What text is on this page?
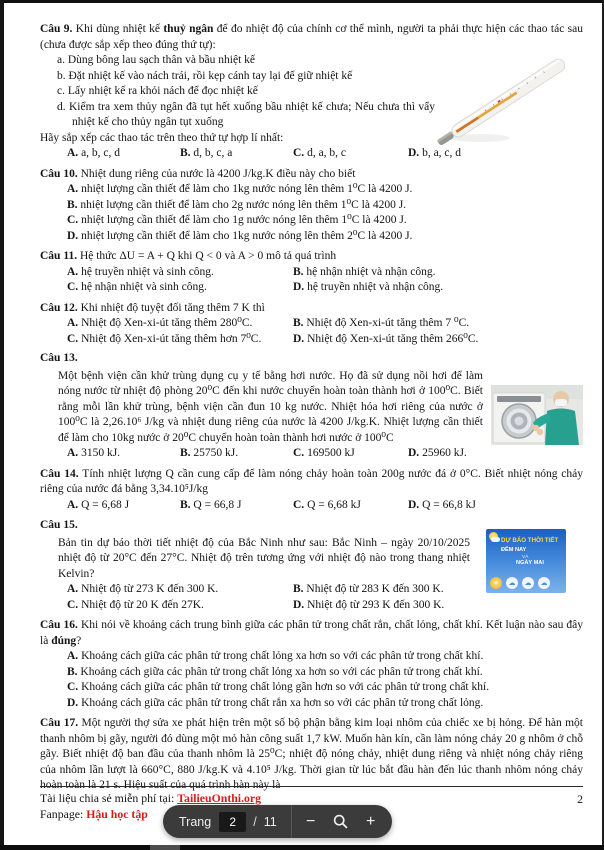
Câu 9. Khi dùng nhiệt kế thuỷ ngân để đo nhiệt độ của chính cơ thể mình, người ta phải thực hiện các thao tác sau (chưa được sắp xếp theo đúng thứ tự):
a. Dùng bông lau sạch thân và bầu nhiệt kế
b. Đặt nhiệt kế vào nách trái, rồi kẹp cánh tay lại để giữ nhiệt kế
c. Lấy nhiệt kế ra khỏi nách để đọc nhiệt kế
d. Kiểm tra xem thủy ngân đã tụt hết xuống bầu nhiệt kế chưa; Nếu chưa thì vẩy nhiệt kế cho thủy ngân tụt xuống
Hãy sắp xếp các thao tác trên theo thứ tự hợp lí nhất:
A. a, b, c, d	B. d, b, c, a	C. d, a, b, c	D. b, a, c, d
Câu 10. Nhiệt dung riêng của nước là 4200 J/kg.K điều này cho biết
A. nhiệt lượng cần thiết để làm cho 1kg nước nóng lên thêm 1⁰C là 4200 J.
B. nhiệt lượng cần thiết để làm cho 2g nước nóng lên thêm 1⁰C là 4200 J.
C. nhiệt lượng cần thiết để làm cho 1g nước nóng lên thêm 1⁰C là 4200 J.
D. nhiệt lượng cần thiết để làm cho 1kg nước nóng lên thêm 2⁰C là 4200 J.
Câu 11. Hệ thức ΔU = A + Q khi Q < 0 và A > 0 mô tả quá trình
A. hệ truyền nhiệt và sinh công.	B. hệ nhận nhiệt và nhận công.
C. hệ nhận nhiệt và sinh công.	D. hệ truyền nhiệt và nhận công.
Câu 12. Khi nhiệt độ tuyệt đối tăng thêm 7 K thì
A. Nhiệt độ Xen-xi-út tăng thêm 280⁰C.	B. Nhiệt độ Xen-xi-út tăng thêm 7 ⁰C.
C. Nhiệt độ Xen-xi-út tăng thêm hơn 7⁰C.	D. Nhiệt độ Xen-xi-út tăng thêm 266⁰C.
Câu 13.
Một bệnh viện cần khử trùng dụng cụ y tế bằng hơi nước. Họ đã sử dụng nồi hơi để làm nóng nước từ nhiệt độ phòng 20⁰C đến khi nước chuyển hoàn toàn thành hơi ở 100⁰C. Biết rằng mỗi lần khử trùng, bệnh viện cần đun 10 kg nước. Nhiệt hóa hơi riêng của nước ở 100⁰C là 2,26.10⁶ J/kg và nhiệt dung riêng của nước là 4200 J/kg.K. Nhiệt lượng cần thiết để làm cho 10kg nước ở 20⁰C chuyển hoàn toàn thành hơi nước ở 100⁰C
A. 3150 kJ.	B. 25750 kJ.	C. 169500 kJ	D. 25960 kJ.
Câu 14. Tính nhiệt lượng Q cần cung cấp để làm nóng chảy hoàn toàn 200g nước đá ở 0°C. Biết nhiệt nóng chảy riêng của nước đá bằng 3,34.10⁵J/kg
A. Q = 6,68 J	B. Q = 66,8 J	C. Q = 6,68 kJ	D. Q = 66,8 kJ
Câu 15.
DỰ BÁO THỜI TIẾT
ĐÊM NAY
VÀ
NGÀY MAI
☀	☁	☁	☁
Bản tin dự báo thời tiết nhiệt độ của Bắc Ninh như sau: Bắc Ninh – ngày 20/10/2025 nhiệt độ từ 20°C đến 27°C. Nhiệt độ trên tương ứng với nhiệt độ nào trong thang nhiệt Kelvin?
A. Nhiệt độ từ 273 K đến 300 K.	B. Nhiệt độ từ 283 K đến 300 K.
C. Nhiệt độ từ 20 K đến 27K.	D. Nhiệt độ từ 293 K đến 300 K.
Câu 16. Khi nói về khoảng cách trung bình giữa các phân tử trong chất rắn, chất lỏng, chất khí. Kết luận nào sau đây là đúng?
A. Khoảng cách giữa các phân tử trong chất lỏng xa hơn so với các phân tử trong chất khí.
B. Khoảng cách giữa các phân tử trong chất lỏng xa hơn so với các phân tử trong chất khí.
C. Khoảng cách giữa các phân tử trong chất lỏng gần hơn so với các phân tử trong chất khí.
D. Khoảng cách giữa các phân tử trong chất rắn xa hơn so với các phân tử trong chất lỏng.
Câu 17. Một người thợ sửa xe phát hiện trên một số bộ phận bằng kim loại nhôm của chiếc xe bị hỏng. Để hàn một thanh nhôm bị gãy, người đó dùng một mỏ hàn công suất 1,7 kW. Muốn hàn kín, cần làm nóng chảy 20 g nhôm ở chỗ gãy. Biết nhiệt độ ban đầu của thanh nhôm là 25⁰C; nhiệt độ nóng chảy, nhiệt dung riêng và nhiệt nóng chảy riêng của nhôm lần lượt là 660°C, 880 J/kg.K và 4.10⁵ J/kg. Thời gian từ lúc bắt đầu hàn đến lúc thanh nhôm nóng chảy hoàn toàn là 21 s. Hiệu suất của quá trình hàn này là
Tài liệu chia sẻ miễn phí tại: TailieuOnthi.org
Fanpage: Hậu học tập
2
Trang
2	/ 11	−	+
